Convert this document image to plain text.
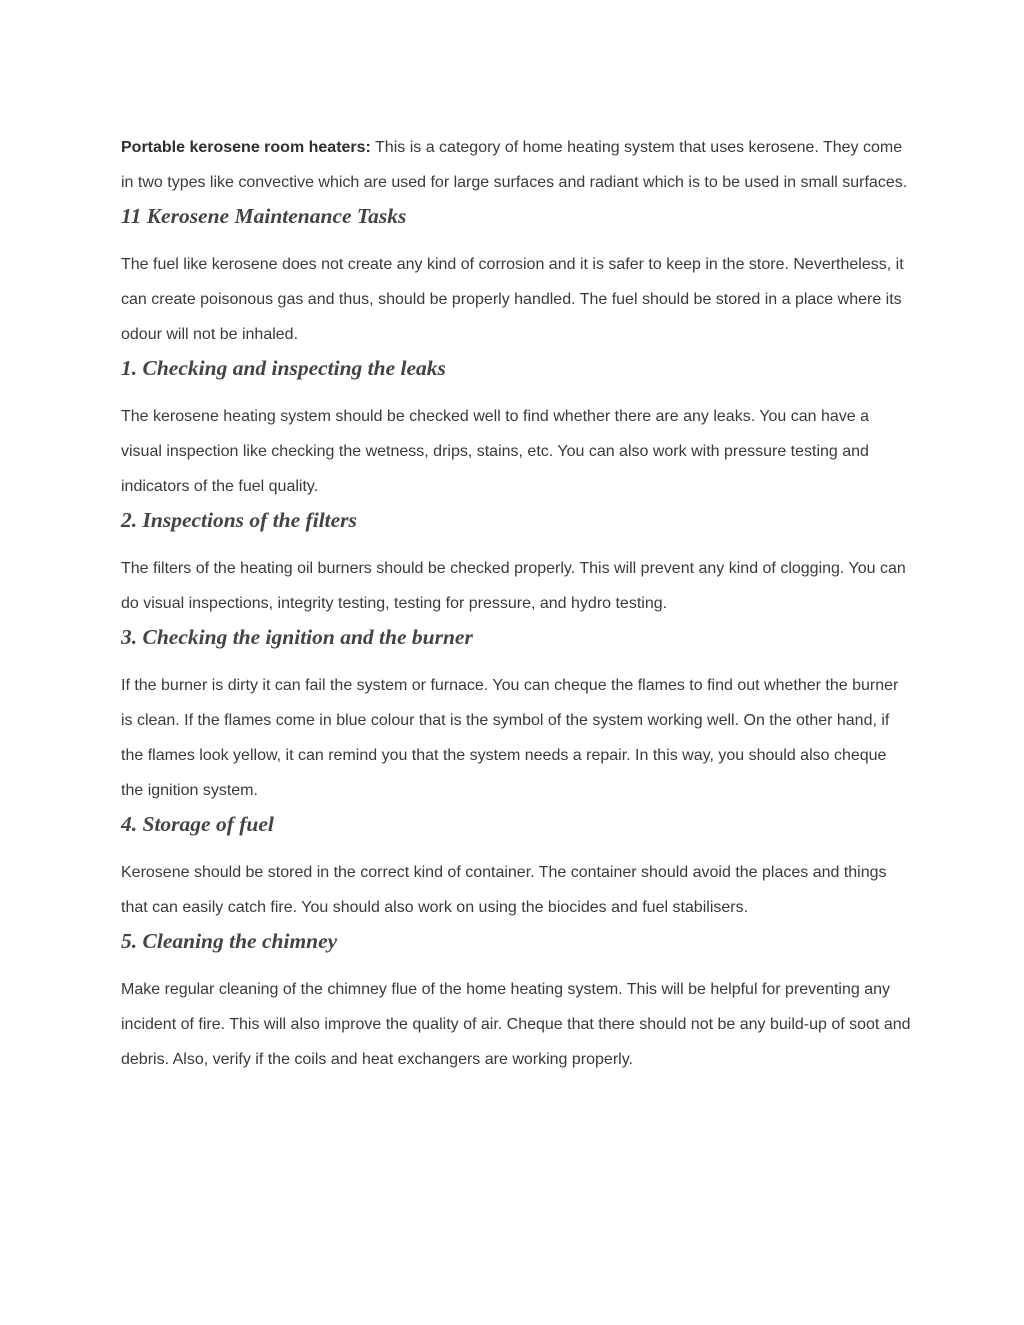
Portable kerosene room heaters: This is a category of home heating system that uses kerosene. They come in two types like convective which are used for large surfaces and radiant which is to be used in small surfaces.

11 Kerosene Maintenance Tasks

The fuel like kerosene does not create any kind of corrosion and it is safer to keep in the store. Nevertheless, it can create poisonous gas and thus, should be properly handled. The fuel should be stored in a place where its odour will not be inhaled.

1. Checking and inspecting the leaks

The kerosene heating system should be checked well to find whether there are any leaks. You can have a visual inspection like checking the wetness, drips, stains, etc. You can also work with pressure testing and indicators of the fuel quality.

2. Inspections of the filters

The filters of the heating oil burners should be checked properly. This will prevent any kind of clogging. You can do visual inspections, integrity testing, testing for pressure, and hydro testing.

3. Checking the ignition and the burner

If the burner is dirty it can fail the system or furnace. You can cheque the flames to find out whether the burner is clean. If the flames come in blue colour that is the symbol of the system working well. On the other hand, if the flames look yellow, it can remind you that the system needs a repair. In this way, you should also cheque the ignition system.

4. Storage of fuel

Kerosene should be stored in the correct kind of container. The container should avoid the places and things that can easily catch fire. You should also work on using the biocides and fuel stabilisers.

5. Cleaning the chimney

Make regular cleaning of the chimney flue of the home heating system. This will be helpful for preventing any incident of fire. This will also improve the quality of air. Cheque that there should not be any build-up of soot and debris. Also, verify if the coils and heat exchangers are working properly.
